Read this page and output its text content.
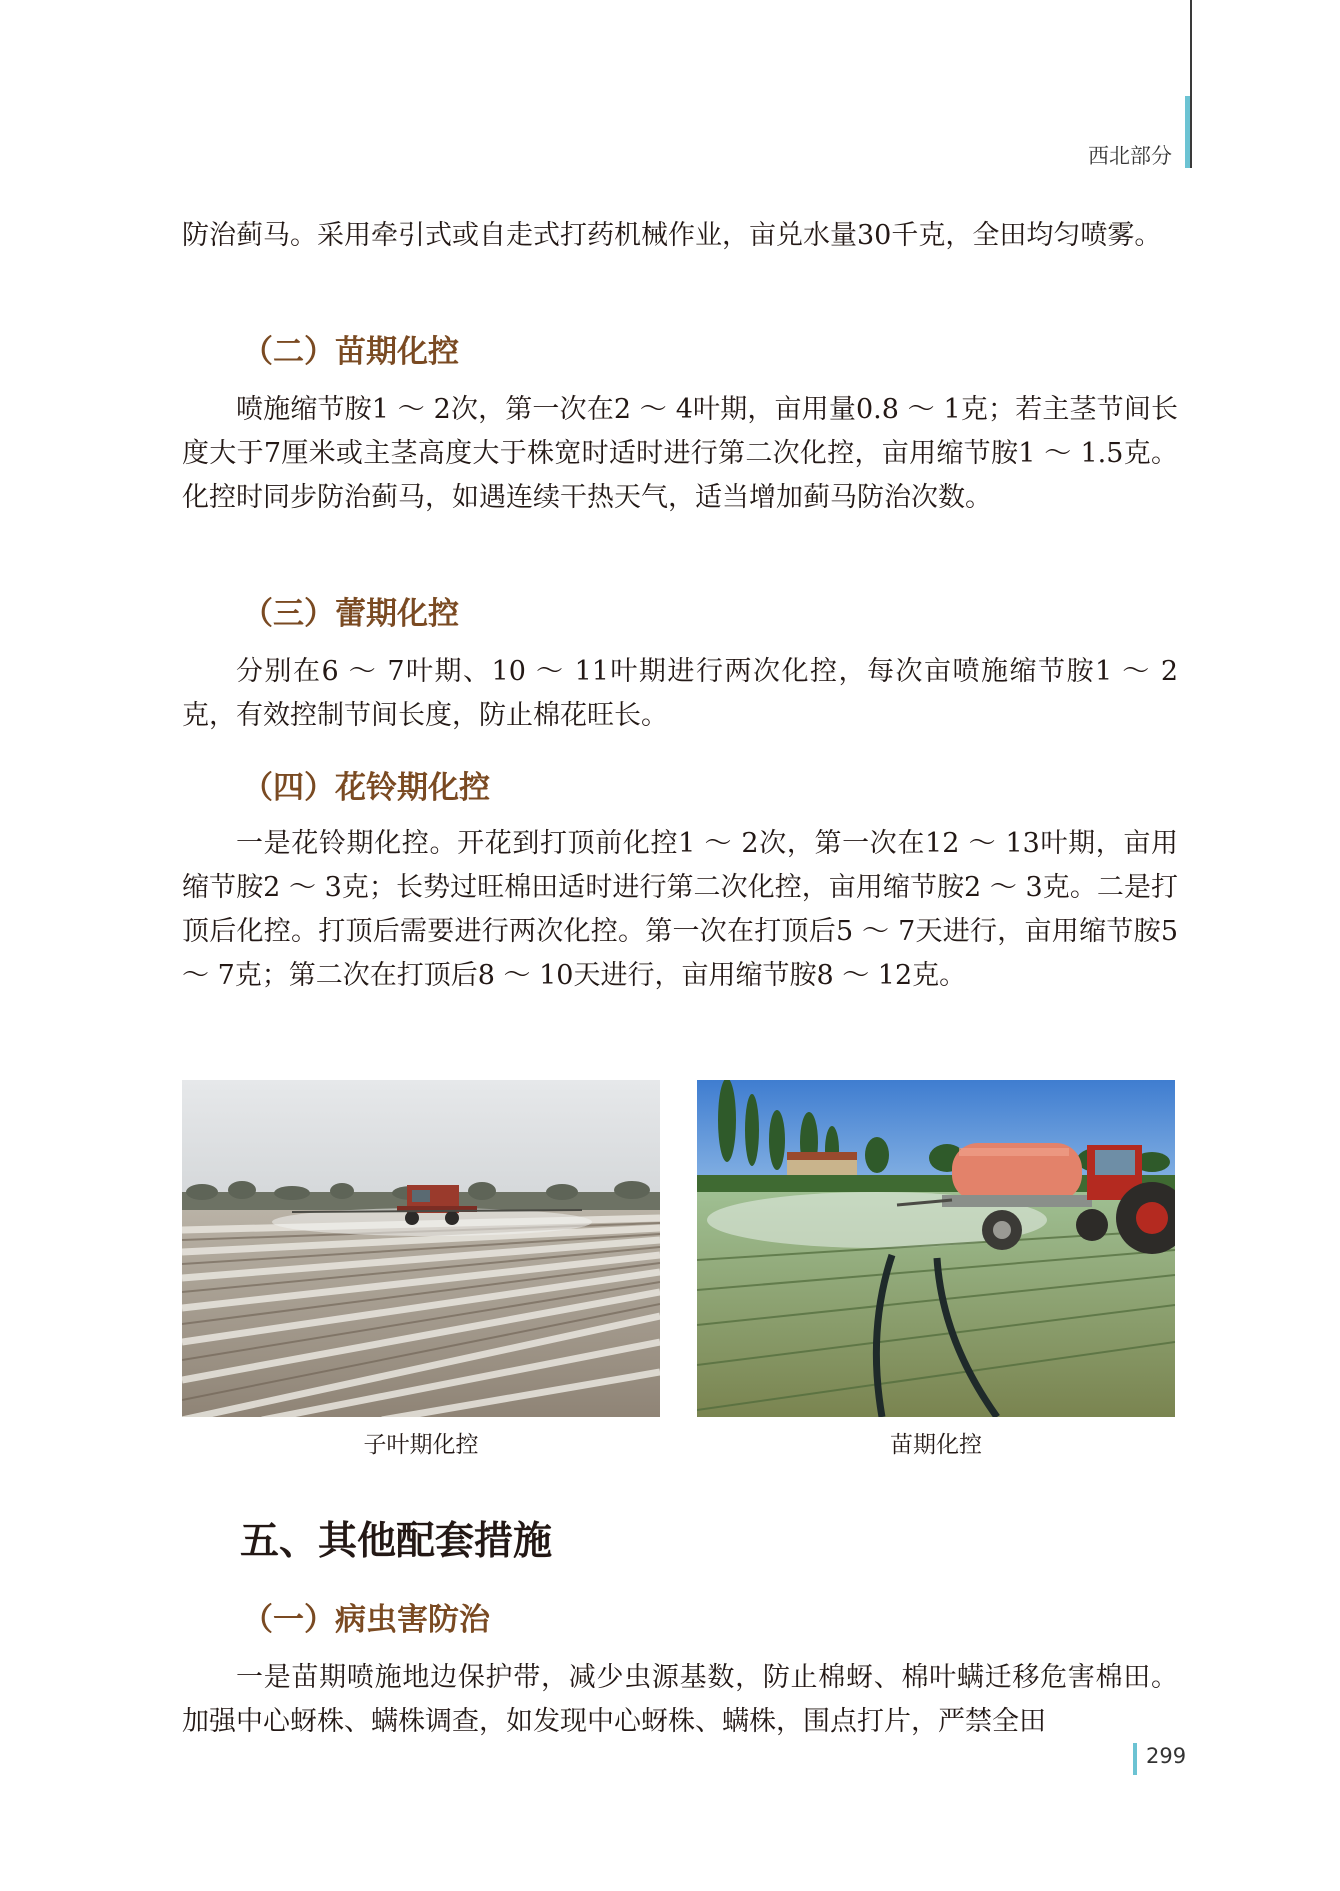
西北部分

防治蓟马。采用牵引式或自走式打药机械作业，亩兑水量30千克，全田均匀喷雾。

（二）苗期化控

喷施缩节胺1 ～ 2次，第一次在2 ～ 4叶期，亩用量0.8 ～ 1克；若主茎节间长度大于7厘米或主茎高度大于株宽时适时进行第二次化控，亩用缩节胺1 ～ 1.5克。化控时同步防治蓟马，如遇连续干热天气，适当增加蓟马防治次数。

（三）蕾期化控

分别在6 ～ 7叶期、10 ～ 11叶期进行两次化控，每次亩喷施缩节胺1 ～ 2克，有效控制节间长度，防止棉花旺长。

（四）花铃期化控

一是花铃期化控。开花到打顶前化控1 ～ 2次，第一次在12 ～ 13叶期，亩用缩节胺2 ～ 3克；长势过旺棉田适时进行第二次化控，亩用缩节胺2 ～ 3克。二是打顶后化控。打顶后需要进行两次化控。第一次在打顶后5 ～ 7天进行，亩用缩节胺5 ～ 7克；第二次在打顶后8 ～ 10天进行，亩用缩节胺8 ～ 12克。

子叶期化控	苗期化控
五、其他配套措施
（一）病虫害防治

一是苗期喷施地边保护带，减少虫源基数，防止棉蚜、棉叶螨迁移危害棉田。加强中心蚜株、螨株调查，如发现中心蚜株、螨株，围点打片，严禁全田

299
